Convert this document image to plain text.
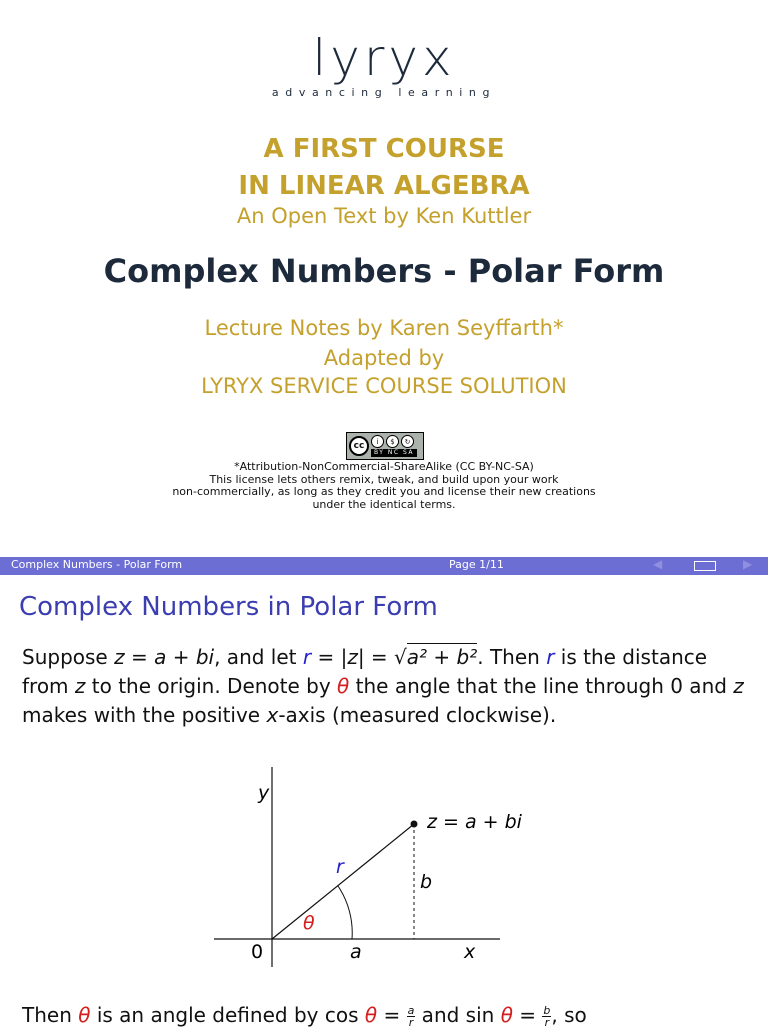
lyryx
advancing learning
A FIRST COURSE
IN LINEAR ALGEBRA
An Open Text by Ken Kuttler
Complex Numbers - Polar Form
Lecture Notes by Karen Seyffarth*
Adapted by
LYRYX SERVICE COURSE SOLUTION
cc	i	$	↻
BY NC SA
*Attribution-NonCommercial-ShareAlike (CC BY-NC-SA)
This license lets others remix, tweak, and build upon your work
non-commercially, as long as they credit you and license their new creations
under the identical terms.
Complex Numbers - Polar Form	Page 1/11	◀	▶
Complex Numbers in Polar Form
Suppose z = a + bi, and let r = |z| = √a² + b². Then r is the distance from z to the origin. Denote by θ the angle that the line through 0 and z makes with the positive x-axis (measured clockwise).
y
x
0	a
b
r
θ
z = a + bi
Then θ is an angle defined by $\cos \theta = \frac{a}{r}$ and $\sin \theta = \frac{b}{r}$ , so
